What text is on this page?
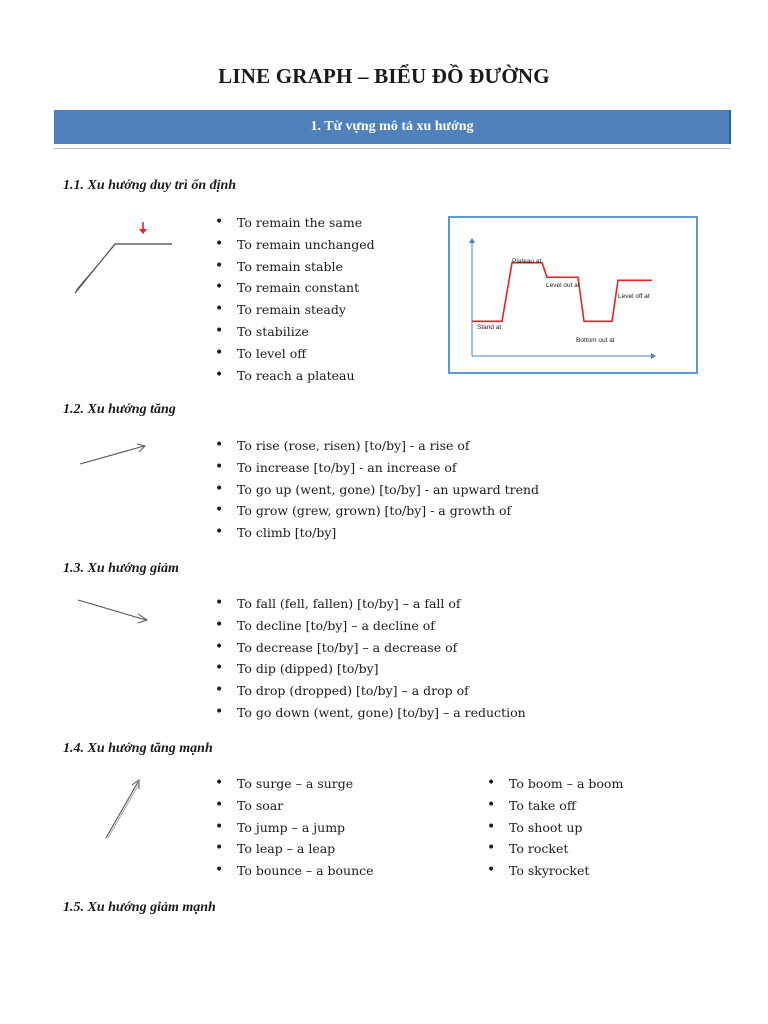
LINE GRAPH – BIỂU ĐỒ ĐƯỜNG
1. Từ vựng mô tả xu hướng
1.1. Xu hướng duy trì ổn định
• To remain the same
• To remain unchanged
• To remain stable
• To remain constant
• To remain steady
• To stabilize
• To level off
• To reach a plateau
Plateau at
Level out at
Level off at
Stand at
Bottom out at
1.2. Xu hướng tăng
• To rise (rose, risen) [to/by] - a rise of
• To increase [to/by] - an increase of
• To go up (went, gone) [to/by] - an upward trend
• To grow (grew, grown) [to/by] - a growth of
• To climb [to/by]
1.3. Xu hướng giảm
• To fall (fell, fallen) [to/by] – a fall of
• To decline [to/by] – a decline of
• To decrease [to/by] – a decrease of
• To dip (dipped) [to/by]
• To drop (dropped) [to/by] – a drop of
• To go down (went, gone) [to/by] – a reduction
1.4. Xu hướng tăng mạnh
• To surge – a surge
• To soar
• To jump – a jump
• To leap – a leap
• To bounce – a bounce
• To boom – a boom
• To take off
• To shoot up
• To rocket
• To skyrocket
1.5. Xu hướng giảm mạnh
